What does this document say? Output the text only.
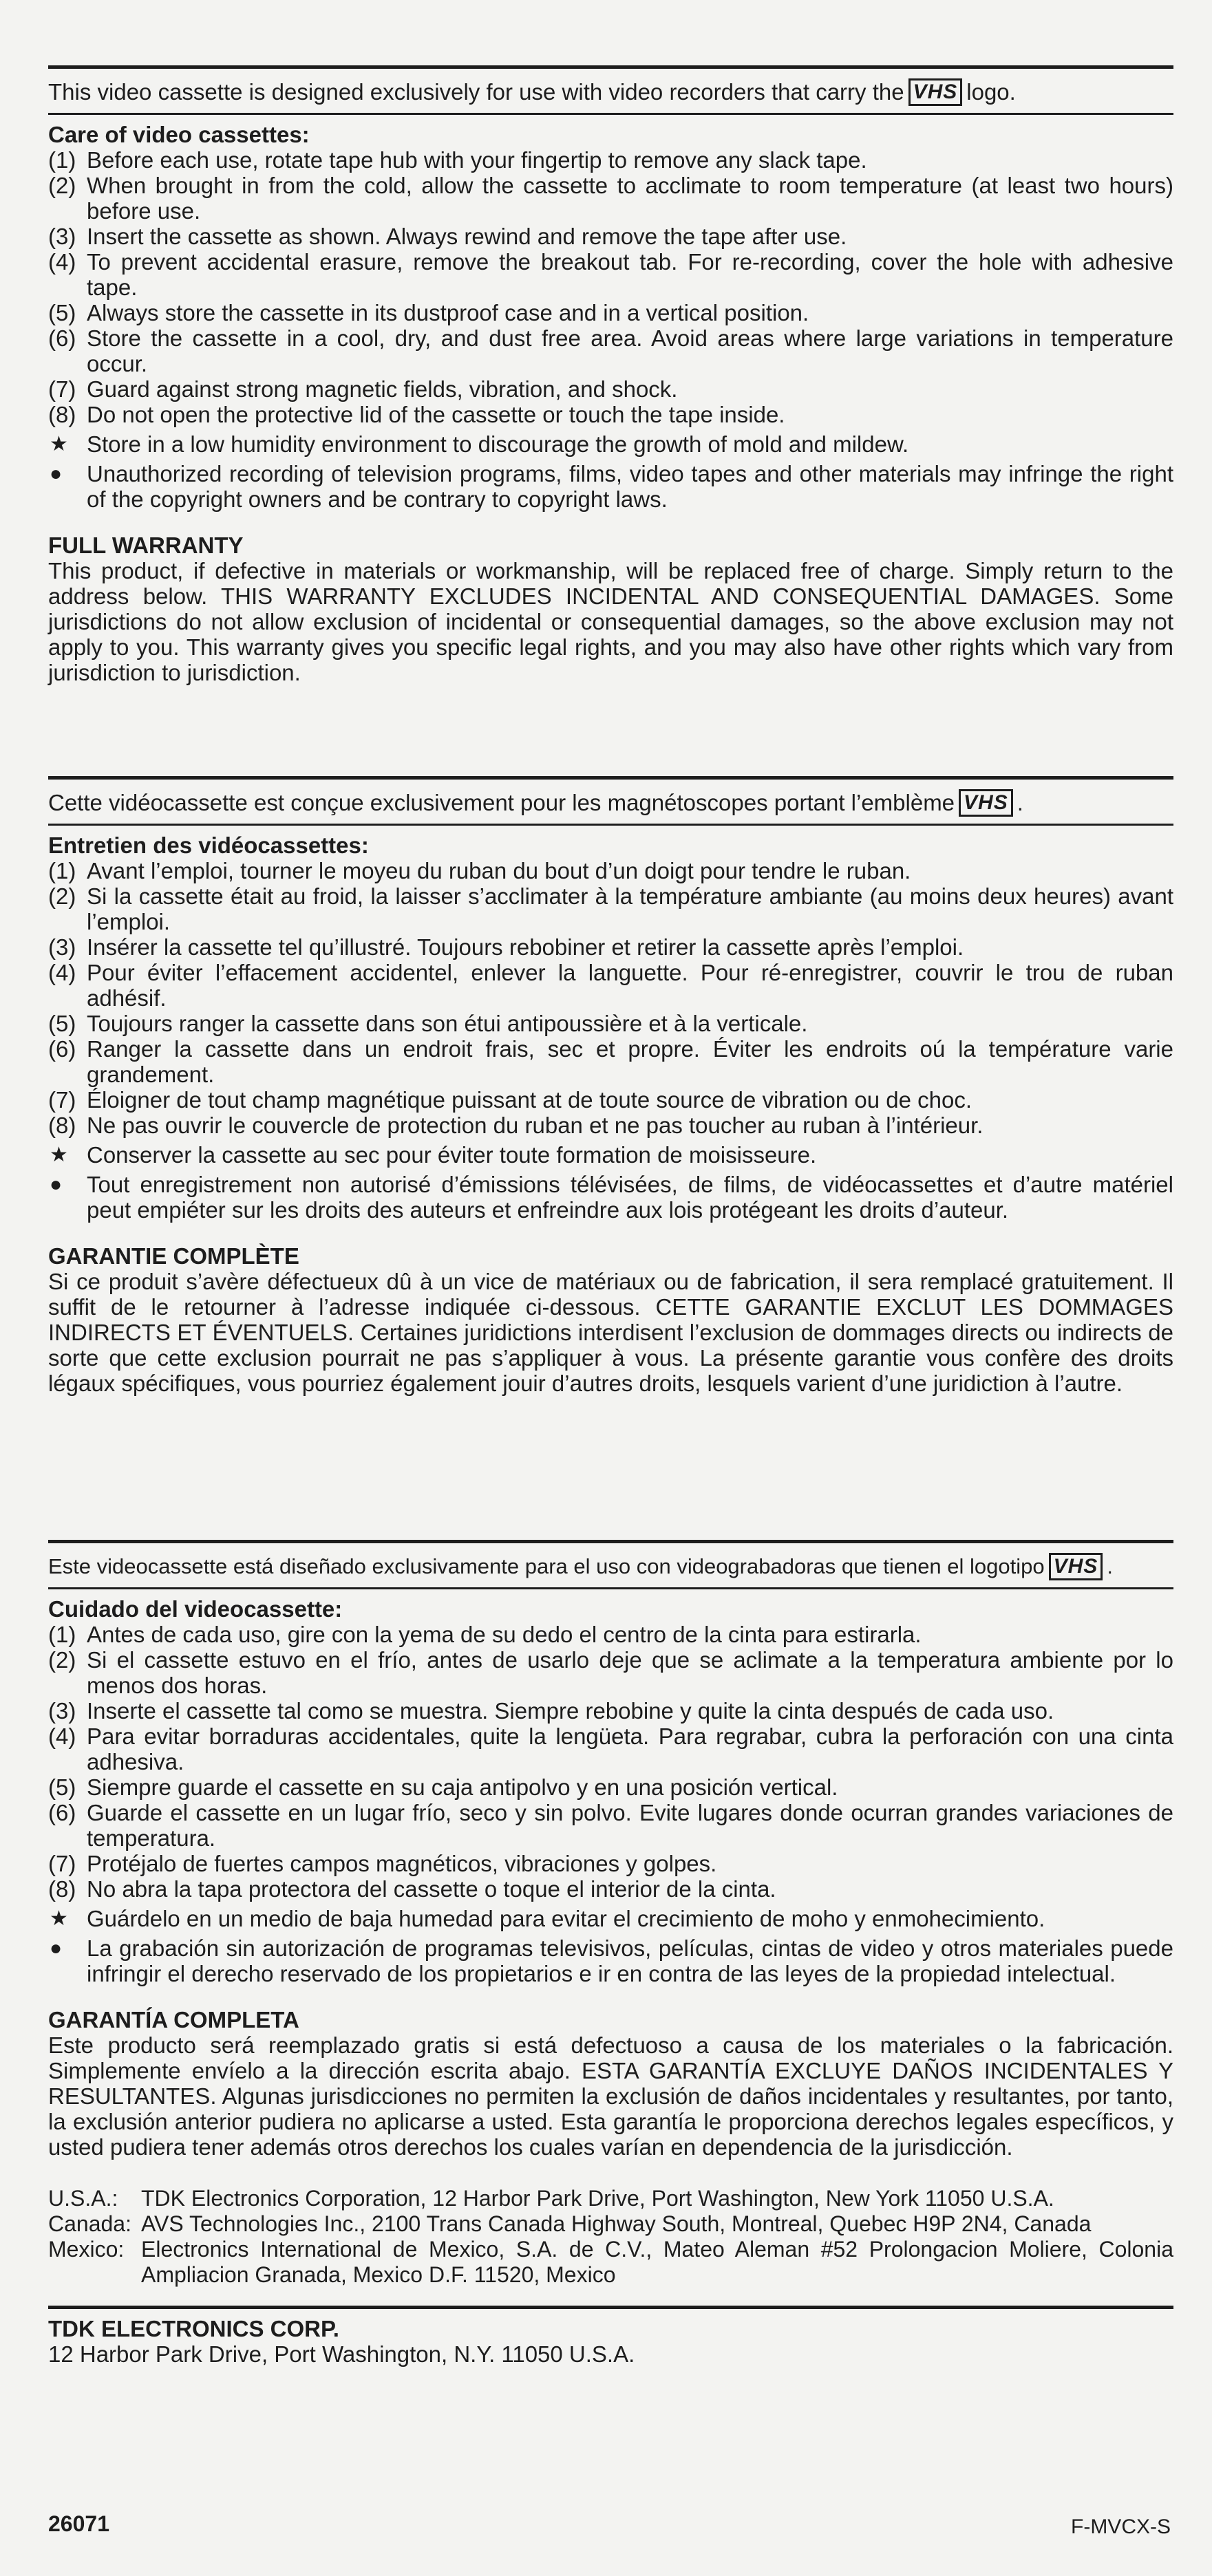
This video cassette is designed exclusively for use with video recorders that carry the VHS logo.
Care of video cassettes:
(1) Before each use, rotate tape hub with your fingertip to remove any slack tape.
(2) When brought in from the cold, allow the cassette to acclimate to room temperature (at least two hours) before use.
(3) Insert the cassette as shown. Always rewind and remove the tape after use.
(4) To prevent accidental erasure, remove the breakout tab. For re-recording, cover the hole with adhesive tape.
(5) Always store the cassette in its dustproof case and in a vertical position.
(6) Store the cassette in a cool, dry, and dust free area. Avoid areas where large variations in temperature occur.
(7) Guard against strong magnetic fields, vibration, and shock.
(8) Do not open the protective lid of the cassette or touch the tape inside.
★ Store in a low humidity environment to discourage the growth of mold and mildew.
●	Unauthorized recording of television programs, films, video tapes and other materials may infringe the right of the copyright owners and be contrary to copyright laws.
FULL WARRANTY
This product, if defective in materials or workmanship, will be replaced free of charge. Simply return to the address below. THIS WARRANTY EXCLUDES INCIDENTAL AND CONSEQUENTIAL DAMAGES. Some jurisdictions do not allow exclusion of incidental or consequential damages, so the above exclusion may not apply to you. This warranty gives you specific legal rights, and you may also have other rights which vary from jurisdiction to jurisdiction.
Cette vidéocassette est conçue exclusivement pour les magnétoscopes portant l’emblème VHS .
Entretien des vidéocassettes:
(1) Avant l’emploi, tourner le moyeu du ruban du bout d’un doigt pour tendre le ruban.
(2) Si la cassette était au froid, la laisser s’acclimater à la température ambiante (au moins deux heures) avant l’emploi.
(3) Insérer la cassette tel qu’illustré. Toujours rebobiner et retirer la cassette après l’emploi.
(4) Pour éviter l’effacement accidentel, enlever la languette. Pour ré-enregistrer, couvrir le trou de ruban adhésif.
(5) Toujours ranger la cassette dans son étui antipoussière et à la verticale.
(6) Ranger la cassette dans un endroit frais, sec et propre. Éviter les endroits oú la température varie grandement.
(7) Éloigner de tout champ magnétique puissant at de toute source de vibration ou de choc.
(8) Ne pas ouvrir le couvercle de protection du ruban et ne pas toucher au ruban à l’intérieur.
★ Conserver la cassette au sec pour éviter toute formation de moisisseure.
●	Tout enregistrement non autorisé d’émissions télévisées, de films, de vidéocassettes et d’autre matériel peut empiéter sur les droits des auteurs et enfreindre aux lois protégeant les droits d’auteur.
GARANTIE COMPLÈTE
Si ce produit s’avère défectueux dû à un vice de matériaux ou de fabrication, il sera remplacé gratuitement. Il suffit de le retourner à l’adresse indiquée ci-dessous. CETTE GARANTIE EXCLUT LES DOMMAGES INDIRECTS ET ÉVENTUELS. Certaines juridictions interdisent l’exclusion de dommages directs ou indirects de sorte que cette exclusion pourrait ne pas s’appliquer à vous. La présente garantie vous confère des droits légaux spécifiques, vous pourriez également jouir d’autres droits, lesquels varient d’une juridiction à l’autre.
Este videocassette está diseñado exclusivamente para el uso con videograbadoras que tienen el logotipo VHS .
Cuidado del videocassette:
(1) Antes de cada uso, gire con la yema de su dedo el centro de la cinta para estirarla.
(2) Si el cassette estuvo en el frío, antes de usarlo deje que se aclimate a la temperatura ambiente por lo menos dos horas.
(3) Inserte el cassette tal como se muestra. Siempre rebobine y quite la cinta después de cada uso.
(4) Para evitar borraduras accidentales, quite la lengüeta. Para regrabar, cubra la perforación con una cinta adhesiva.
(5) Siempre guarde el cassette en su caja antipolvo y en una posición vertical.
(6) Guarde el cassette en un lugar frío, seco y sin polvo. Evite lugares donde ocurran grandes variaciones de temperatura.
(7) Protéjalo de fuertes campos magnéticos, vibraciones y golpes.
(8) No abra la tapa protectora del cassette o toque el interior de la cinta.
★ Guárdelo en un medio de baja humedad para evitar el crecimiento de moho y enmohecimiento.
●	La grabación sin autorización de programas televisivos, películas, cintas de video y otros materiales puede infringir el derecho reservado de los propietarios e ir en contra de las leyes de la propiedad intelectual.
GARANTÍA COMPLETA
Este producto será reemplazado gratis si está defectuoso a causa de los materiales o la fabricación. Simplemente envíelo a la dirección escrita abajo. ESTA GARANTÍA EXCLUYE DAÑOS INCIDENTALES Y RESULTANTES. Algunas jurisdicciones no permiten la exclusión de daños incidentales y resultantes, por tanto, la exclusión anterior pudiera no aplicarse a usted. Esta garantía le proporciona derechos legales específicos, y usted pudiera tener además otros derechos los cuales varían en dependencia de la jurisdicción.
U.S.A.:	TDK Electronics Corporation, 12 Harbor Park Drive, Port Washington, New York 11050 U.S.A.
Canada: AVS Technologies Inc., 2100 Trans Canada Highway South, Montreal, Quebec H9P 2N4, Canada
Mexico: Electronics International de Mexico, S.A. de C.V., Mateo Aleman #52 Prolongacion Moliere, Colonia Ampliacion Granada, Mexico D.F. 11520, Mexico
TDK ELECTRONICS CORP.
12 Harbor Park Drive, Port Washington, N.Y. 11050 U.S.A.
26071	F-MVCX-S
